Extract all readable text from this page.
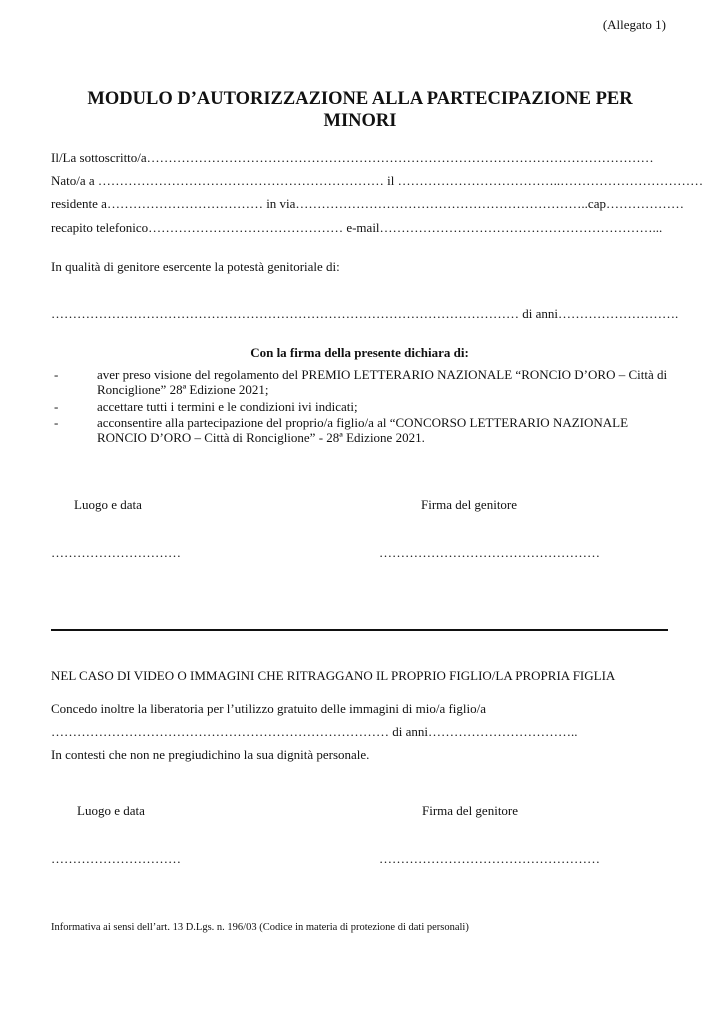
(Allegato 1)
MODULO D’AUTORIZZAZIONE ALLA PARTECIPAZIONE PER MINORI
Il/La sottoscritto/a………………………………………………………………………………………………………
Nato/a a ………………………………………………………… il ………………………………..……………………………
residente a……………………………… in via…………………………………………………………..cap………………
recapito telefonico……………………………………… e-mail………………………………………………………...
In qualità di genitore esercente la potestà genitoriale di:
……………………………………………………………………………………………… di anni……………………….
Con la firma della presente dichiara di:
-	aver preso visione del regolamento del PREMIO LETTERARIO NAZIONALE “RONCIO D’ORO – Città di Ronciglione” 28ª Edizione 2021;
-	accettare tutti i termini e le condizioni ivi indicati;
-	acconsentire alla partecipazione del proprio/a figlio/a al “CONCORSO LETTERARIO NAZIONALE RONCIO D’ORO – Città di Ronciglione” - 28ª Edizione 2021.
Luogo e data	Firma del genitore
…………………………	……………………………………………
NEL CASO DI VIDEO O IMMAGINI CHE RITRAGGANO IL PROPRIO FIGLIO/LA PROPRIA FIGLIA
Concedo inoltre la liberatoria per l’utilizzo gratuito delle immagini di mio/a figlio/a
…………………………………………………………………… di anni……………………………..
In contesti che non ne pregiudichino la sua dignità personale.
Luogo e data	Firma del genitore
…………………………	……………………………………………
Informativa ai sensi dell’art. 13 D.Lgs. n. 196/03 (Codice in materia di protezione di dati personali)
